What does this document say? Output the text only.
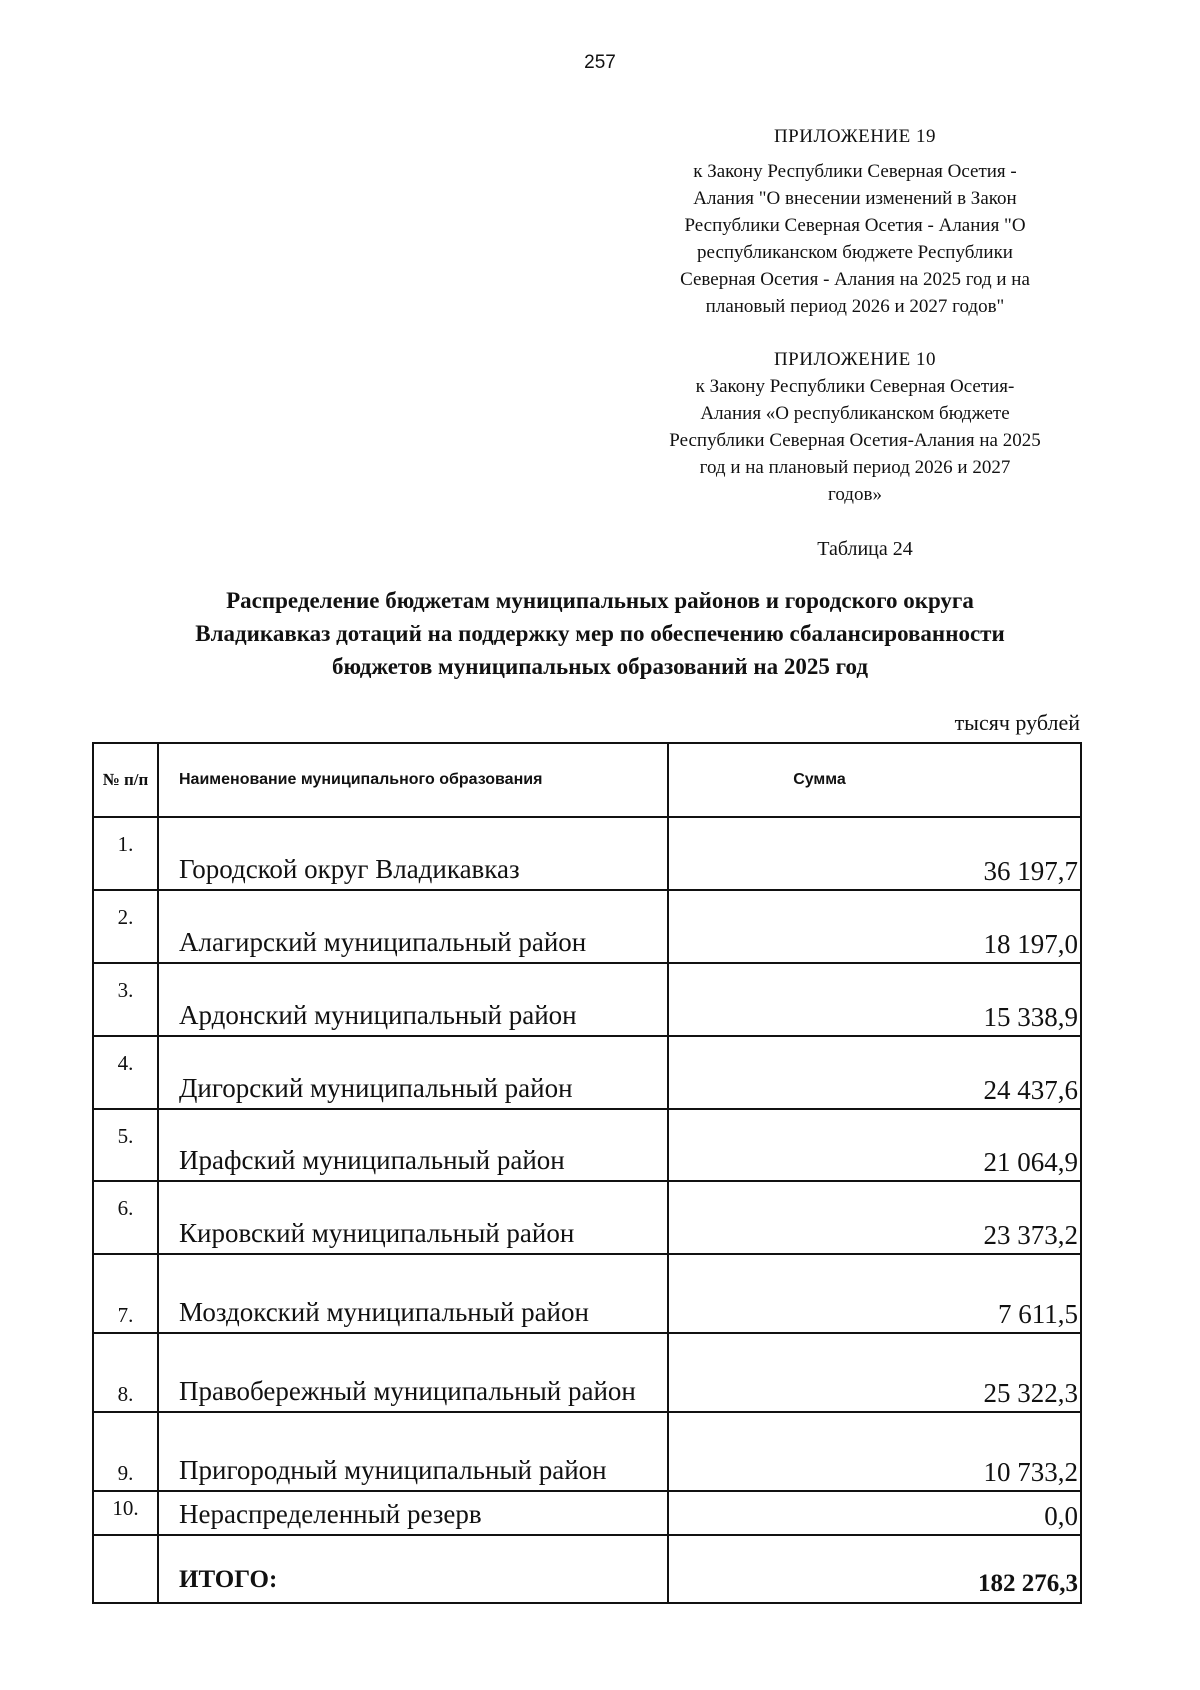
257
ПРИЛОЖЕНИЕ 19
к Закону Республики Северная Осетия -
Алания "О внесении изменений в Закон
Республики Северная Осетия - Алания "О
республиканском бюджете Республики
Северная Осетия - Алания на 2025 год и на
плановый период 2026 и 2027 годов"
ПРИЛОЖЕНИЕ 10
к Закону Республики Северная Осетия-
Алания «О республиканском бюджете
Республики Северная Осетия-Алания на 2025
год и на плановый период 2026 и 2027
годов»
Таблица 24
Распределение бюджетам муниципальных районов и городского округа
Владикавказ дотаций на поддержку мер по обеспечению сбалансированности
бюджетов муниципальных образований на 2025 год
тысяч рублей
№ п/п	Наименование муниципального образования	Сумма
1.	Городской округ Владикавказ	36 197,7
2.	Алагирский муниципальный район	18 197,0
3.	Ардонский муниципальный район	15 338,9
4.	Дигорский муниципальный район	24 437,6
5.	Ирафский муниципальный район	21 064,9
6.	Кировский муниципальный район	23 373,2
7.	Моздокский муниципальный район	7 611,5
8.	Правобережный муниципальный район	25 322,3
9.	Пригородный муниципальный район	10 733,2
10.	Нераспределенный резерв	0,0
	ИТОГО:	182 276,3
